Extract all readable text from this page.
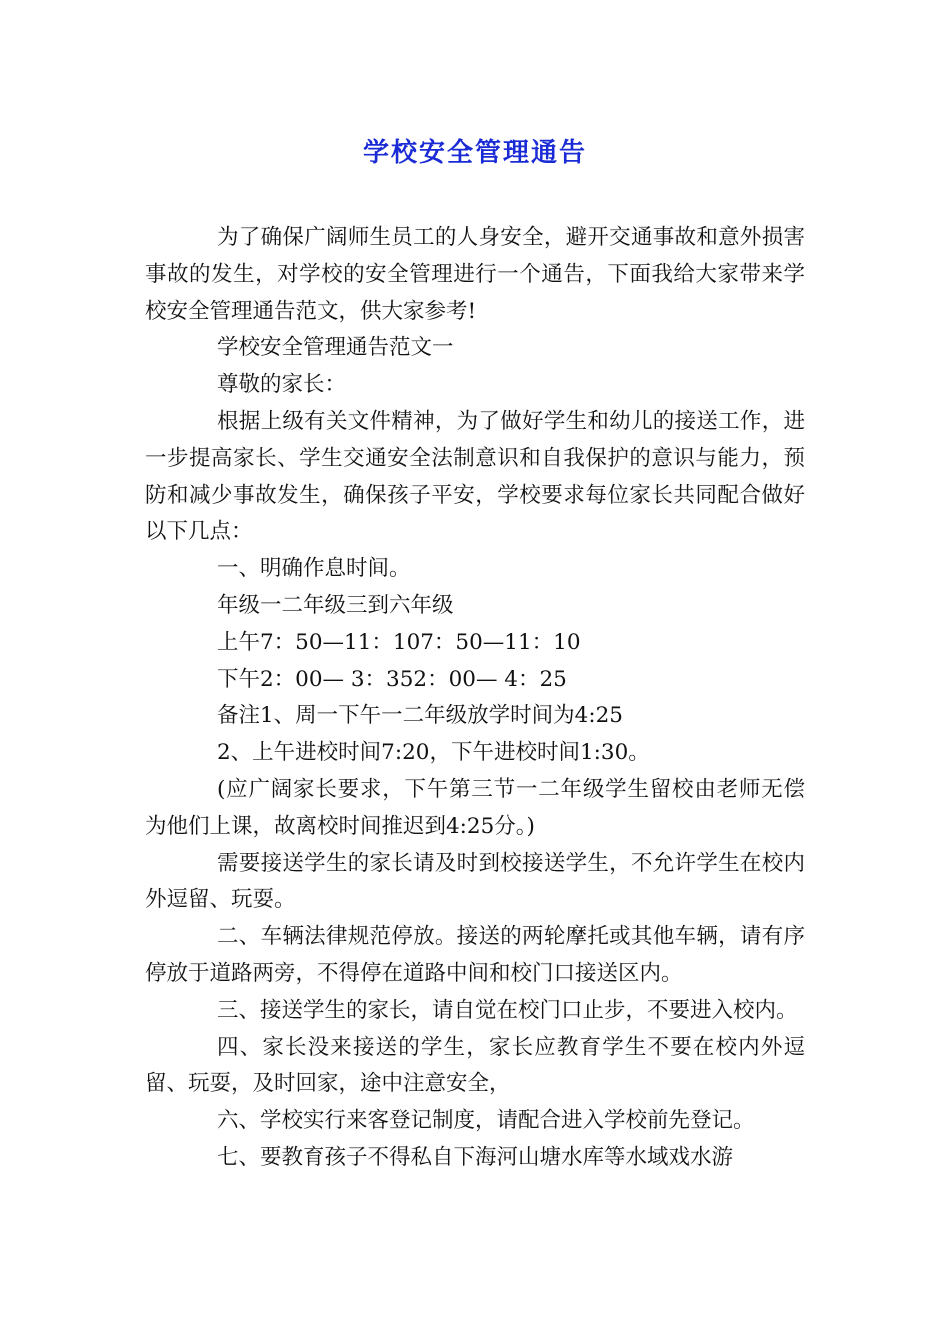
学校安全管理通告

为了确保广阔师生员工的人身安全，避开交通事故和意外损害事故的发生，对学校的安全管理进行一个通告，下面我给大家带来学校安全管理通告范文，供大家参考!

学校安全管理通告范文一

尊敬的家长：

根据上级有关文件精神，为了做好学生和幼儿的接送工作，进一步提高家长、学生交通安全法制意识和自我保护的意识与能力，预防和减少事故发生，确保孩子平安，学校要求每位家长共同配合做好以下几点：

一、明确作息时间。

年级一二年级三到六年级

上午7：50—11：107：50—11：10

下午2：00— 3：352：00— 4：25

备注1、周一下午一二年级放学时间为4:25

2、上午进校时间7:20，下午进校时间1:30。

(应广阔家长要求，下午第三节一二年级学生留校由老师无偿为他们上课，故离校时间推迟到4:25分。)

需要接送学生的家长请及时到校接送学生，不允许学生在校内外逗留、玩耍。

二、车辆法律规范停放。接送的两轮摩托或其他车辆，请有序停放于道路两旁，不得停在道路中间和校门口接送区内。

三、接送学生的家长，请自觉在校门口止步，不要进入校内。

四、家长没来接送的学生，家长应教育学生不要在校内外逗留、玩耍，及时回家，途中注意安全，

六、学校实行来客登记制度，请配合进入学校前先登记。

七、要教育孩子不得私自下海河山塘水库等水域戏水游
